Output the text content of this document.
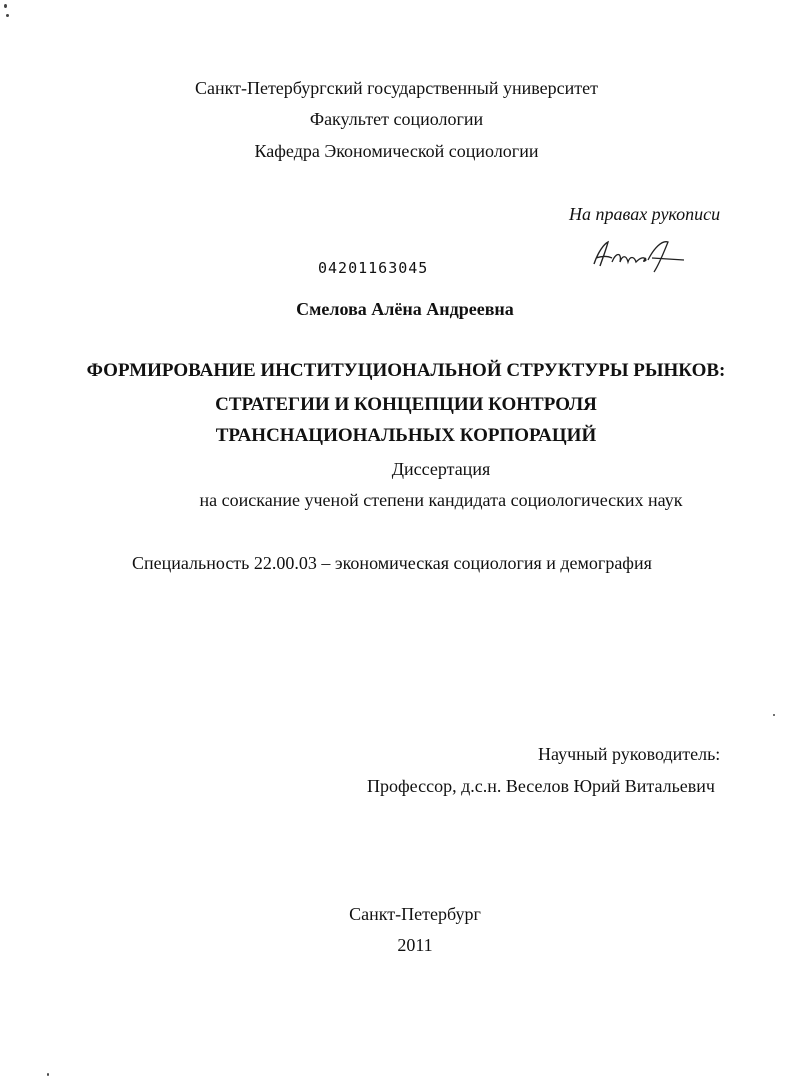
Санкт-Петербургский государственный университет
Факультет социологии
Кафедра Экономической социологии
На правах рукописи
04201163045
Смелова Алёна Андреевна
ФОРМИРОВАНИЕ ИНСТИТУЦИОНАЛЬНОЙ СТРУКТУРЫ РЫНКОВ:
СТРАТЕГИИ И КОНЦЕПЦИИ КОНТРОЛЯ
ТРАНСНАЦИОНАЛЬНЫХ КОРПОРАЦИЙ
Диссертация
на соискание ученой степени кандидата социологических наук
Специальность 22.00.03 – экономическая социология и демография
Научный руководитель:
Профессор, д.с.н. Веселов Юрий Витальевич
Санкт-Петербург
2011
